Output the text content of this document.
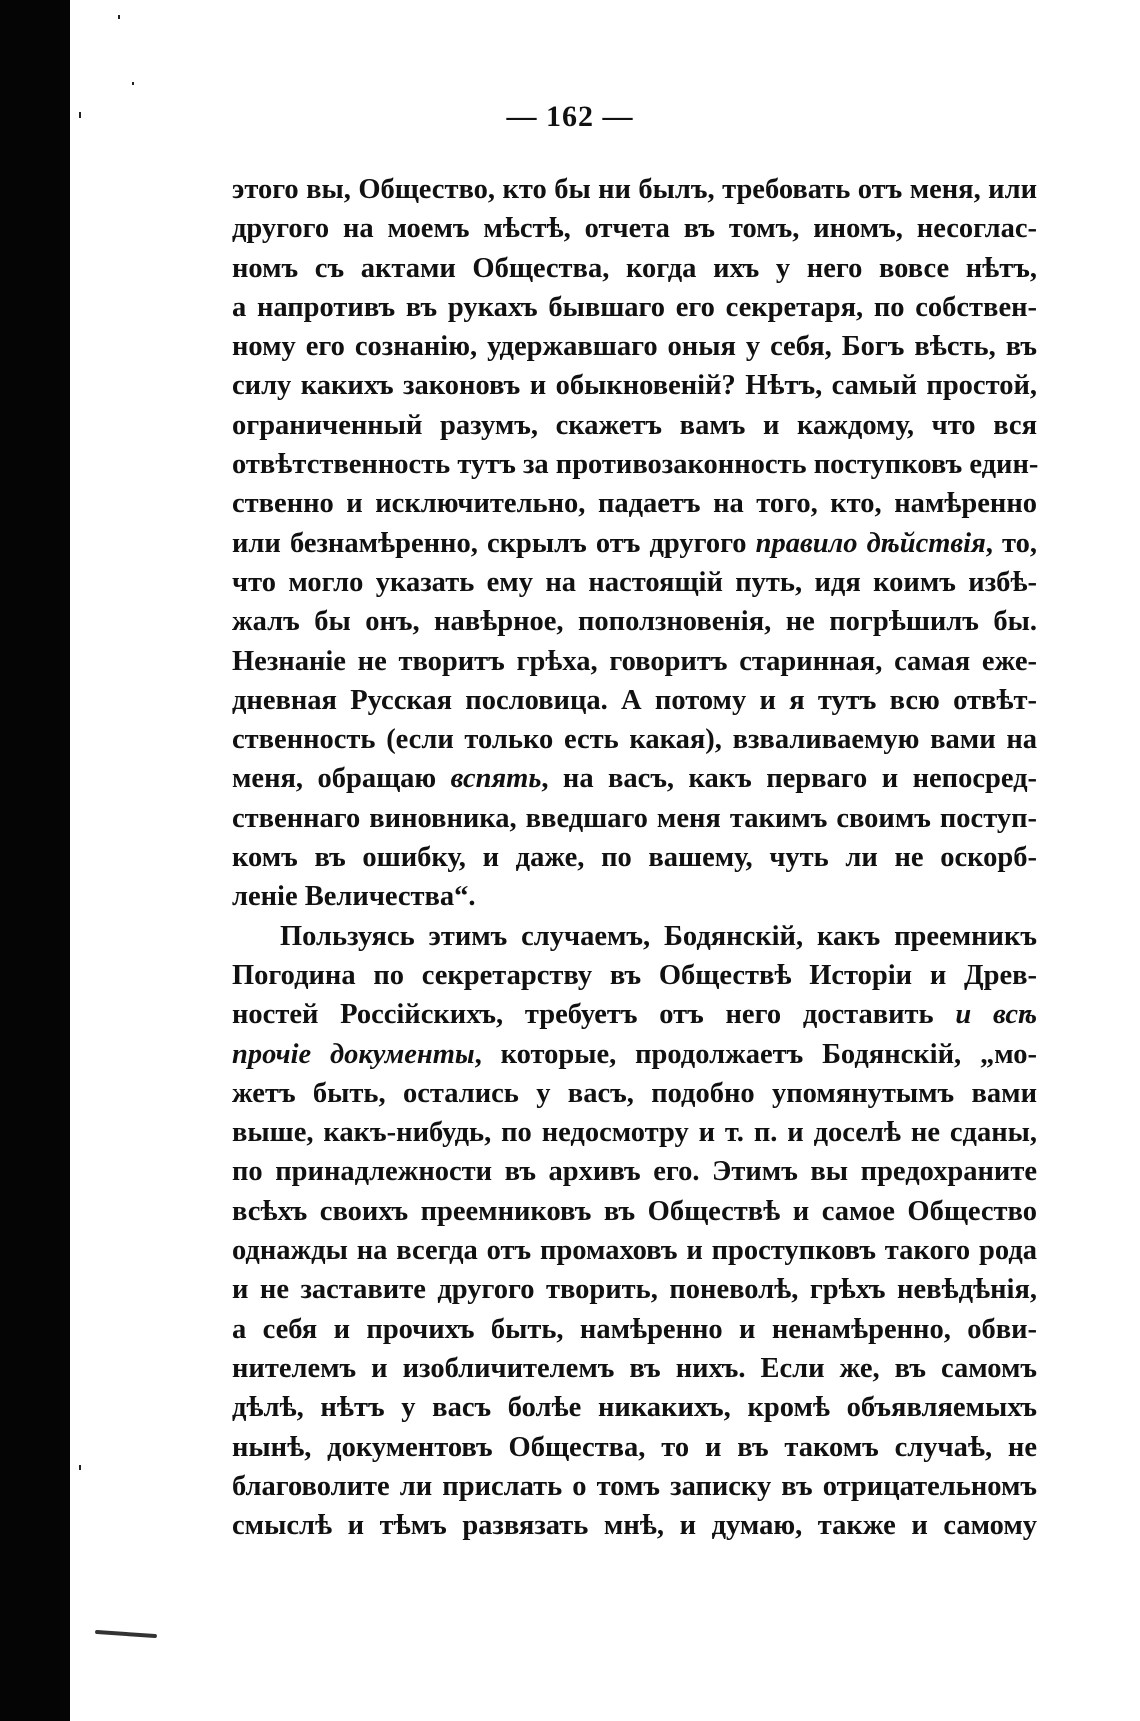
— 162 —
этого вы, Общество, кто бы ни былъ, требовать отъ меня, или
другого на моемъ мѣстѣ, отчета въ томъ, иномъ, несоглас-
номъ съ актами Общества, когда ихъ у него вовсе нѣтъ,
а напротивъ въ рукахъ бывшаго его секретаря, по собствен-
ному его сознанію, удержавшаго оныя у себя, Богъ вѣсть, въ
силу какихъ законовъ и обыкновеній? Нѣтъ, самый простой,
ограниченный разумъ, скажетъ вамъ и каждому, что вся
отвѣтственность тутъ за противозаконность поступковъ един-
ственно и исключительно, падаетъ на того, кто, намѣренно
или безнамѣренно, скрылъ отъ другого правило дѣйствія, то,
что могло указать ему на настоящій путь, идя коимъ избѣ-
жалъ бы онъ, навѣрное, поползновенія, не погрѣшилъ бы.
Незнаніе не творитъ грѣха, говоритъ старинная, самая еже-
дневная Русская пословица. А потому и я тутъ всю отвѣт-
ственность (если только есть какая), взваливаемую вами на
меня, обращаю вспять, на васъ, какъ перваго и непосред-
ственнаго виновника, введшаго меня такимъ своимъ поступ-
комъ въ ошибку, и даже, по вашему, чуть ли не оскорб-
леніе Величества“.
Пользуясь этимъ случаемъ, Бодянскій, какъ преемникъ
Погодина по секретарству въ Обществѣ Исторіи и Древ-
ностей Россійскихъ, требуетъ отъ него доставить и всѣ
прочіе документы, которые, продолжаетъ Бодянскій, „мо-
жетъ быть, остались у васъ, подобно упомянутымъ вами
выше, какъ-нибудь, по недосмотру и т. п. и доселѣ не сданы,
по принадлежности въ архивъ его. Этимъ вы предохраните
всѣхъ своихъ преемниковъ въ Обществѣ и самое Общество
однажды на всегда отъ промаховъ и проступковъ такого рода
и не заставите другого творить, поневолѣ, грѣхъ невѣдѣнія,
а себя и прочихъ быть, намѣренно и ненамѣренно, обви-
нителемъ и изобличителемъ въ нихъ. Если же, въ самомъ
дѣлѣ, нѣтъ у васъ болѣе никакихъ, кромѣ объявляемыхъ
нынѣ, документовъ Общества, то и въ такомъ случаѣ, не
благоволите ли прислать о томъ записку въ отрицательномъ
смыслѣ и тѣмъ развязать мнѣ, и думаю, также и самому
